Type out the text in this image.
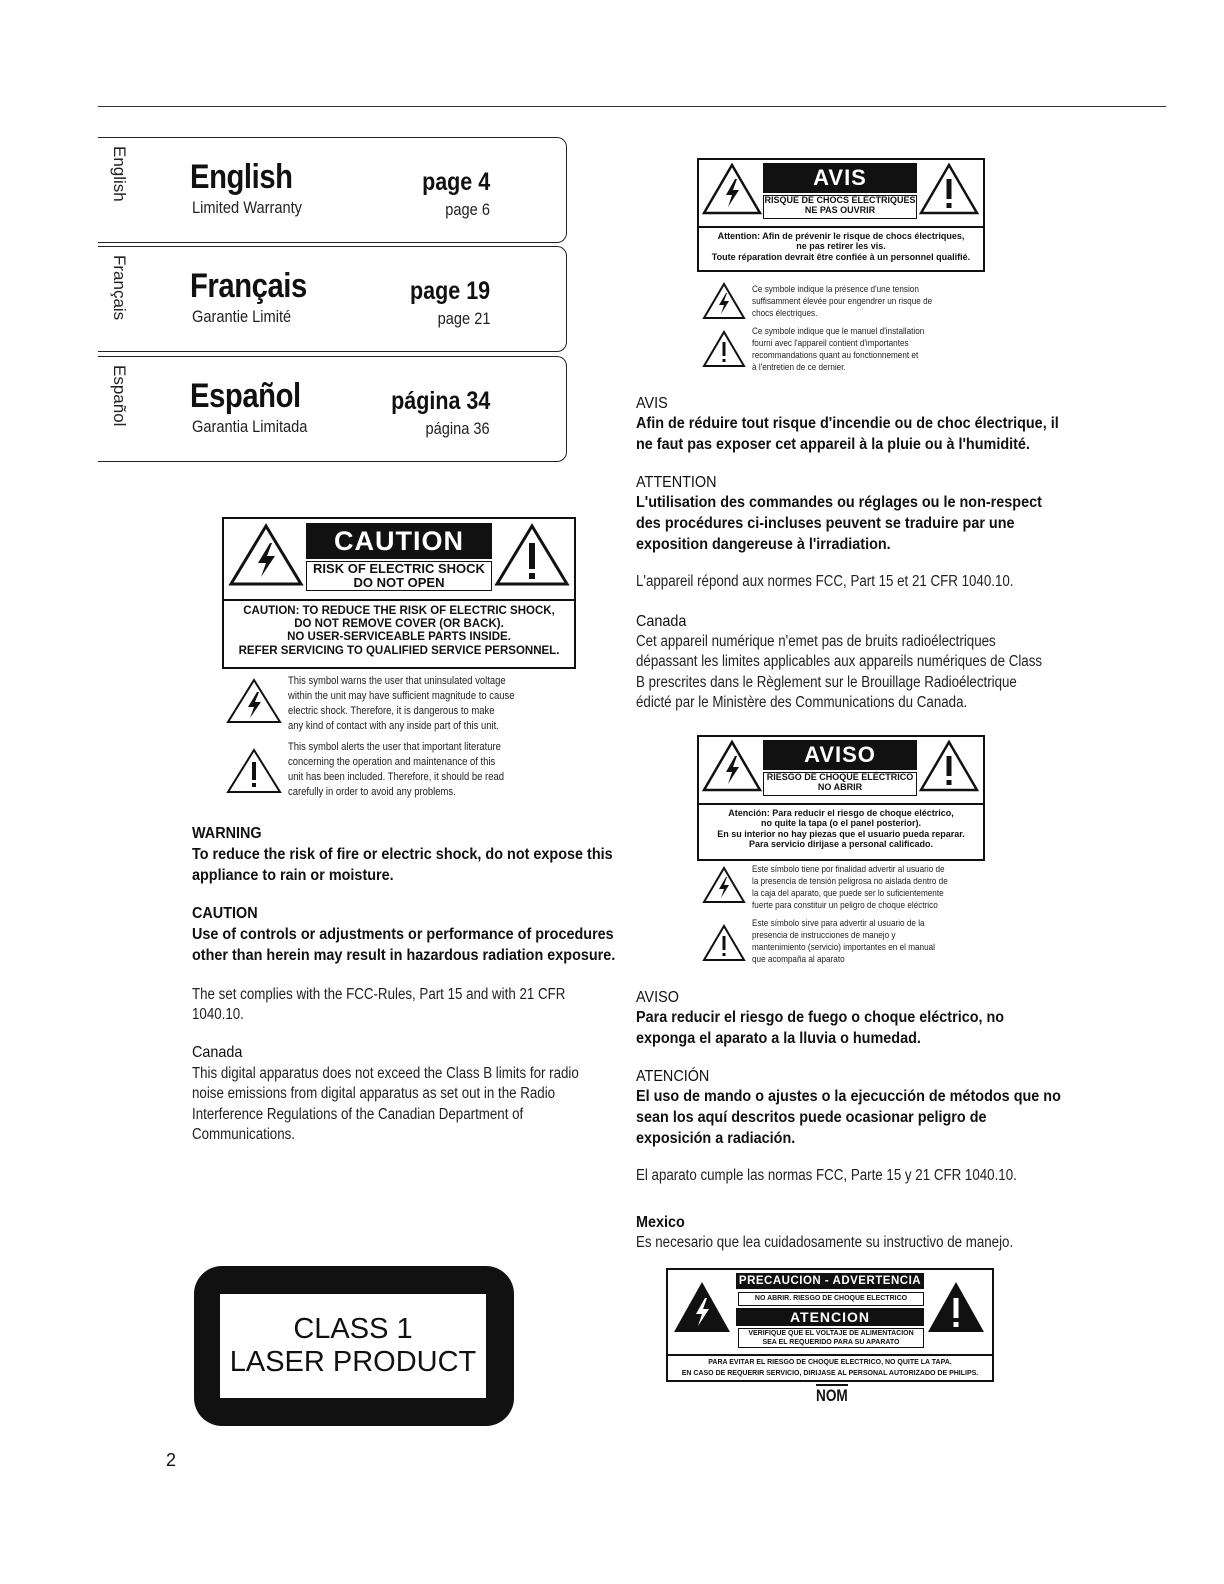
English English
Limited Warranty
page 4
page 6
Français Français
Garantie Limité
page 19
page 21
Español Español
Garantia Limitada
página 34
página 36
CAUTION
RISK OF ELECTRIC SHOCK
DO NOT OPEN
CAUTION: TO REDUCE THE RISK OF ELECTRIC SHOCK,
DO NOT REMOVE COVER (OR BACK).
NO USER-SERVICEABLE PARTS INSIDE.
REFER SERVICING TO QUALIFIED SERVICE PERSONNEL.
This symbol warns the user that uninsulated voltage
within the unit may have sufficient magnitude to cause
electric shock. Therefore, it is dangerous to make
any kind of contact with any inside part of this unit.
This symbol alerts the user that important literature
concerning the operation and maintenance of this
unit has been included. Therefore, it should be read
carefully in order to avoid any problems.
WARNING
To reduce the risk of fire or electric shock, do not expose this
appliance to rain or moisture.
CAUTION
Use of controls or adjustments or performance of procedures
other than herein may result in hazardous radiation exposure.
The set complies with the FCC-Rules, Part 15 and with 21 CFR
1040.10.
Canada
This digital apparatus does not exceed the Class B limits for radio
noise emissions from digital apparatus as set out in the Radio
Interference Regulations of the Canadian Department of
Communications.
CLASS 1
LASER PRODUCT
2
AVIS
RISQUE DE CHOCS ÉLECTRIQUES
NE PAS OUVRIR
Attention: Afin de prévenir le risque de chocs électriques,
ne pas retirer les vis.
Toute réparation devrait être confiée à un personnel qualifié.
Ce symbole indique la présence d'une tension
suffisamment élevée pour engendrer un risque de
chocs électriques.
Ce symbole indique que le manuel d'installation
fourni avec l'appareil contient d'importantes
recommandations quant au fonctionnement et
à l'entretien de ce dernier.
AVIS
Afin de réduire tout risque d'incendie ou de choc électrique, il
ne faut pas exposer cet appareil à la pluie ou à l'humidité.
ATTENTION
L'utilisation des commandes ou réglages ou le non-respect
des procédures ci-incluses peuvent se traduire par une
exposition dangereuse à l'irradiation.
L'appareil répond aux normes FCC, Part 15 et 21 CFR 1040.10.
Canada
Cet appareil numérique n'emet pas de bruits radioélectriques
dépassant les limites applicables aux appareils numériques de Class
B prescrites dans le Règlement sur le Brouillage Radioélectrique
édicté par le Ministère des Communications du Canada.
AVISO
RIESGO DE CHOQUE ELÉCTRICO
NO ABRIR
Atención: Para reducir el riesgo de choque eléctrico,
no quite la tapa (o el panel posterior).
En su interior no hay piezas que el usuario pueda reparar.
Para servicio dirijase a personal calificado.
Este símbolo tiene por finalidad advertir al usuario de
la presencia de tensión peligrosa no aislada dentro de
la caja del aparato, que puede ser lo suficientemente
fuerte para constituir un peligro de choque eléctrico
Este símbolo sirve para advertir al usuario de la
presencia de instrucciones de manejo y
mantenimiento (servicio) importantes en el manual
que acompaña al aparato
AVISO
Para reducir el riesgo de fuego o choque eléctrico, no
exponga el aparato a la lluvia o humedad.
ATENCIÓN
El uso de mando o ajustes o la ejecucción de métodos que no
sean los aquí descritos puede ocasionar peligro de
exposición a radiación.
El aparato cumple las normas FCC, Parte 15 y 21 CFR 1040.10.
Mexico
Es necesario que lea cuidadosamente su instructivo de manejo.
PRECAUCION - ADVERTENCIA
NO ABRIR. RIESGO DE CHOQUE ELECTRICO
ATENCION
VERIFIQUE QUE EL VOLTAJE DE ALIMENTACION
SEA EL REQUERIDO PARA SU APARATO
PARA EVITAR EL RIESGO DE CHOQUE ELECTRICO, NO QUITE LA TAPA.
EN CASO DE REQUERIR SERVICIO, DIRIJASE AL PERSONAL AUTORIZADO DE PHILIPS.
NOM
